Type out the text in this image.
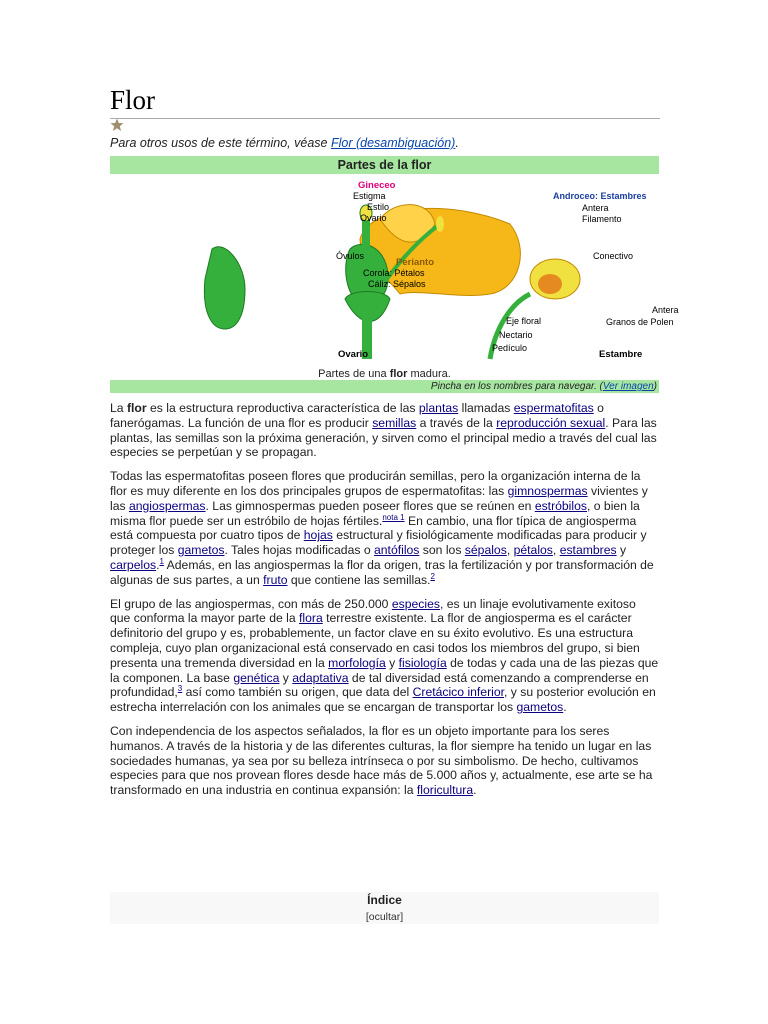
Flor
Para otros usos de este término, véase Flor (desambiguación).
Partes de la flor
Gineceo
Estigma
Estilo
Ovario
Androceo: Estambres
Antera
Filamento
Óvulos
Perianto
Corola: Pétalos
Cáliz: Sépalos
Conectivo
Antera
Granos de Polen
Eje floral
Nectario
Pedículo
Ovario	Estambre
Partes de una flor madura.
Pincha en los nombres para navegar. (Ver imagen)

La flor es la estructura reproductiva característica de las plantas llamadas espermatofitas o fanerógamas. La función de una flor es producir semillas a través de la reproducción sexual. Para las plantas, las semillas son la próxima generación, y sirven como el principal medio a través del cual las especies se perpetúan y se propagan.

Todas las espermatofitas poseen flores que producirán semillas, pero la organización interna de la flor es muy diferente en los dos principales grupos de espermatofitas: las gimnospermas vivientes y las angiospermas. Las gimnospermas pueden poseer flores que se reúnen en estróbilos, o bien la misma flor puede ser un estróbilo de hojas fértiles.$^{nota 1}$ En cambio, una flor típica de angiosperma está compuesta por cuatro tipos de hojas estructural y fisiológicamente modificadas para producir y proteger los gametos. Tales hojas modificadas o antófilos son los sépalos, pétalos, estambres y carpelos.$^1$ Además, en las angiospermas la flor da origen, tras la fertilización y por transformación de algunas de sus partes, a un fruto que contiene las semillas.$^2$

El grupo de las angiospermas, con más de 250.000 especies, es un linaje evolutivamente exitoso que conforma la mayor parte de la flora terrestre existente. La flor de angiosperma es el carácter definitorio del grupo y es, probablemente, un factor clave en su éxito evolutivo. Es una estructura compleja, cuyo plan organizacional está conservado en casi todos los miembros del grupo, si bien presenta una tremenda diversidad en la morfología y fisiología de todas y cada una de las piezas que la componen. La base genética y adaptativa de tal diversidad está comenzando a comprenderse en profundidad,$^3$ así como también su origen, que data del Cretácico inferior, y su posterior evolución en estrecha interrelación con los animales que se encargan de transportar los gametos.

Con independencia de los aspectos señalados, la flor es un objeto importante para los seres humanos. A través de la historia y de las diferentes culturas, la flor siempre ha tenido un lugar en las sociedades humanas, ya sea por su belleza intrínseca o por su simbolismo. De hecho, cultivamos especies para que nos provean flores desde hace más de 5.000 años y, actualmente, ese arte se ha transformado en una industria en continua expansión: la floricultura.

Índice
[ocultar]
